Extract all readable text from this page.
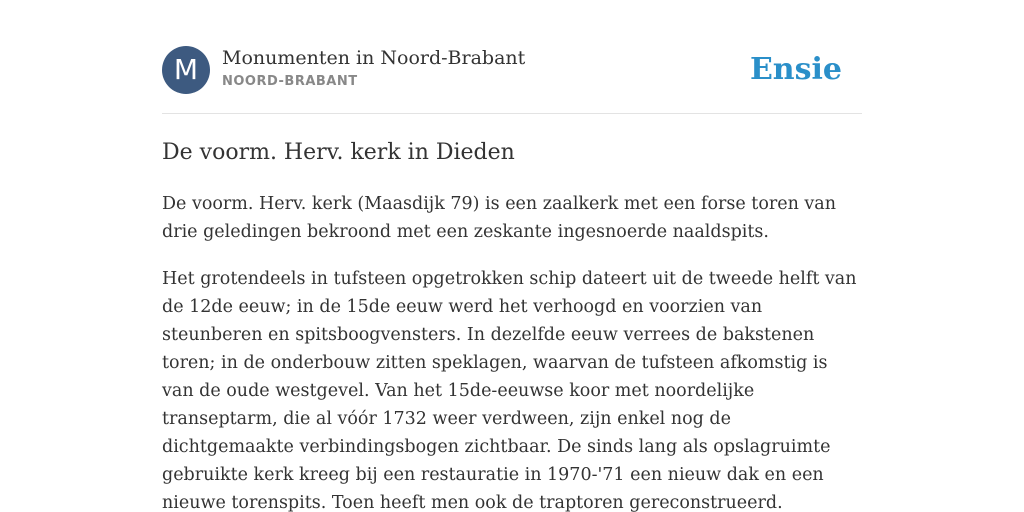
M	Monumenten in Noord-Brabant
NOORD-BRABANT	Ensie
De voorm. Herv. kerk in Dieden

De voorm. Herv. kerk (Maasdijk 79) is een zaalkerk met een forse toren van drie geledingen bekroond met een zeskante ingesnoerde naaldspits.

Het grotendeels in tufsteen opgetrokken schip dateert uit de tweede helft van de 12de eeuw; in de 15de eeuw werd het verhoogd en voorzien van steunberen en spitsboogvensters. In dezelfde eeuw verrees de bakstenen toren; in de onderbouw zitten speklagen, waarvan de tufsteen afkomstig is van de oude westgevel. Van het 15de-eeuwse koor met noordelijke transeptarm, die al vóór 1732 weer verdween, zijn enkel nog de dichtgemaakte verbindingsbogen zichtbaar. De sinds lang als opslagruimte gebruikte kerk kreeg bij een restauratie in 1970-'71 een nieuw dak en een nieuwe torenspits. Toen heeft men ook de traptoren gereconstrueerd.
